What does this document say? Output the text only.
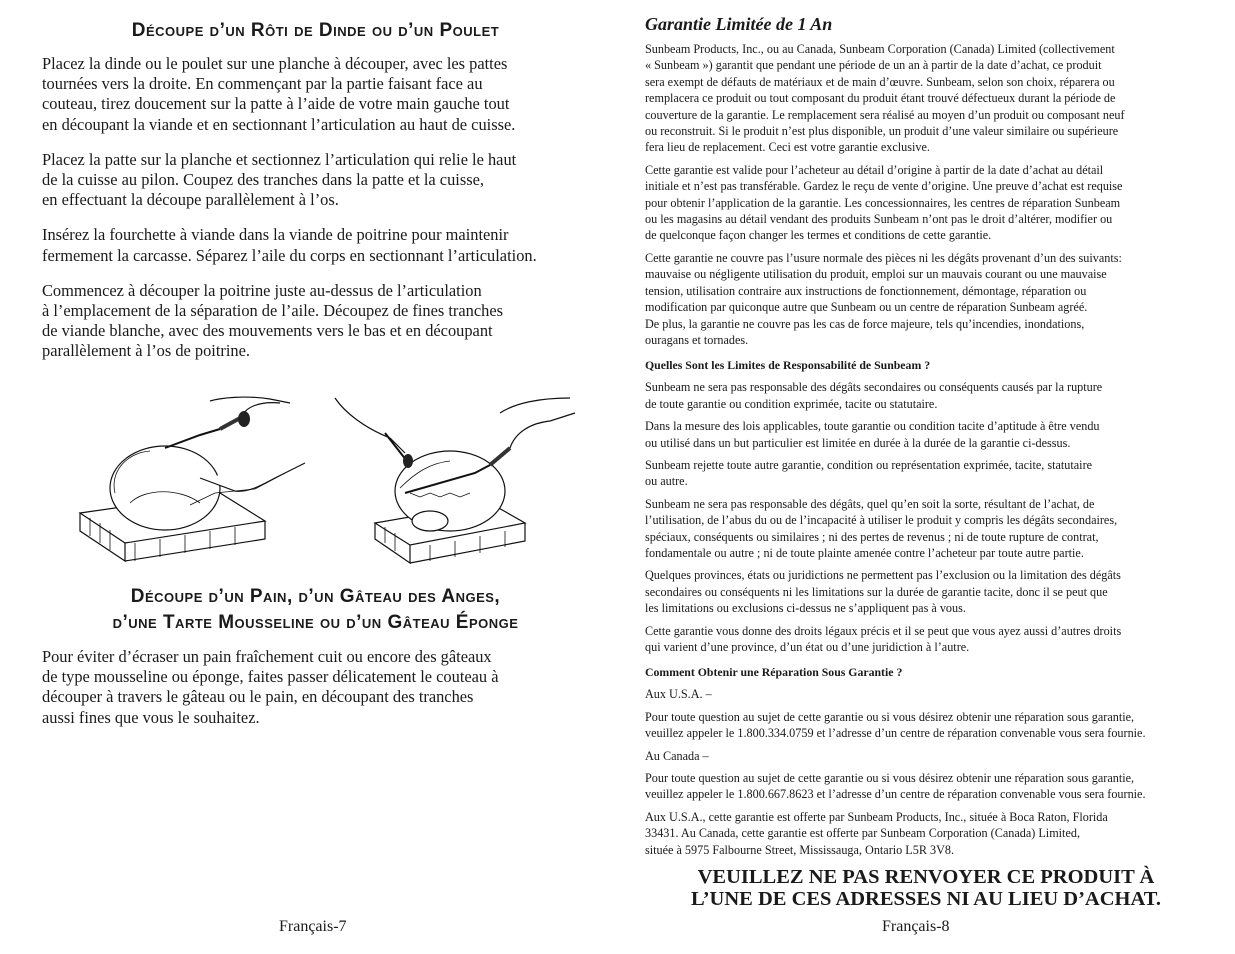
Découpe d’un Rôti de Dinde ou d’un Poulet

Placez la dinde ou le poulet sur une planche à découper, avec les pattes
tournées vers la droite. En commençant par la partie faisant face au
couteau, tirez doucement sur la patte à l’aide de votre main gauche tout
en découpant la viande et en sectionnant l’articulation au haut de cuisse.

Placez la patte sur la planche et sectionnez l’articulation qui relie le haut
de la cuisse au pilon. Coupez des tranches dans la patte et la cuisse,
en effectuant la découpe parallèlement à l’os.

Insérez la fourchette à viande dans la viande de poitrine pour maintenir
fermement la carcasse. Séparez l’aile du corps en sectionnant l’articulation.

Commencez à découper la poitrine juste au-dessus de l’articulation
à l’emplacement de la séparation de l’aile. Découpez de fines tranches
de viande blanche, avec des mouvements vers le bas et en découpant
parallèlement à l’os de poitrine.

Découpe d’un Pain, d’un Gâteau des Anges,
d’une Tarte Mousseline ou d’un Gâteau Éponge

Pour éviter d’écraser un pain fraîchement cuit ou encore des gâteaux
de type mousseline ou éponge, faites passer délicatement le couteau à
découper à travers le gâteau ou le pain, en découpant des tranches
aussi fines que vous le souhaitez.

Français-7
Garantie Limitée de 1 An

Sunbeam Products, Inc., ou au Canada, Sunbeam Corporation (Canada) Limited (collectivement
« Sunbeam ») garantit que pendant une période de un an à partir de la date d’achat, ce produit
sera exempt de défauts de matériaux et de main d’œuvre. Sunbeam, selon son choix, réparera ou
remplacera ce produit ou tout composant du produit étant trouvé défectueux durant la période de
couverture de la garantie. Le remplacement sera réalisé au moyen d’un produit ou composant neuf
ou reconstruit. Si le produit n’est plus disponible, un produit d’une valeur similaire ou supérieure
fera lieu de replacement. Ceci est votre garantie exclusive.

Cette garantie est valide pour l’acheteur au détail d’origine à partir de la date d’achat au détail
initiale et n’est pas transférable. Gardez le reçu de vente d’origine. Une preuve d’achat est requise
pour obtenir l’application de la garantie. Les concessionnaires, les centres de réparation Sunbeam
ou les magasins au détail vendant des produits Sunbeam n’ont pas le droit d’altérer, modifier ou
de quelconque façon changer les termes et conditions de cette garantie.

Cette garantie ne couvre pas l’usure normale des pièces ni les dégâts provenant d’un des suivants:
mauvaise ou négligente utilisation du produit, emploi sur un mauvais courant ou une mauvaise
tension, utilisation contraire aux instructions de fonctionnement, démontage, réparation ou
modification par quiconque autre que Sunbeam ou un centre de réparation Sunbeam agréé.
De plus, la garantie ne couvre pas les cas de force majeure, tels qu’incendies, inondations,
ouragans et tornades.

Quelles Sont les Limites de Responsabilité de Sunbeam ?

Sunbeam ne sera pas responsable des dégâts secondaires ou conséquents causés par la rupture
de toute garantie ou condition exprimée, tacite ou statutaire.

Dans la mesure des lois applicables, toute garantie ou condition tacite d’aptitude à être vendu
ou utilisé dans un but particulier est limitée en durée à la durée de la garantie ci-dessus.

Sunbeam rejette toute autre garantie, condition ou représentation exprimée, tacite, statutaire
ou autre.

Sunbeam ne sera pas responsable des dégâts, quel qu’en soit la sorte, résultant de l’achat, de
l’utilisation, de l’abus du ou de l’incapacité à utiliser le produit y compris les dégâts secondaires,
spéciaux, conséquents ou similaires ; ni des pertes de revenus ; ni de toute rupture de contrat,
fondamentale ou autre ; ni de toute plainte amenée contre l’acheteur par toute autre partie.

Quelques provinces, états ou juridictions ne permettent pas l’exclusion ou la limitation des dégâts
secondaires ou conséquents ni les limitations sur la durée de garantie tacite, donc il se peut que
les limitations ou exclusions ci-dessus ne s’appliquent pas à vous.

Cette garantie vous donne des droits légaux précis et il se peut que vous ayez aussi d’autres droits
qui varient d’une province, d’un état ou d’une juridiction à l’autre.

Comment Obtenir une Réparation Sous Garantie ?

Aux U.S.A. –

Pour toute question au sujet de cette garantie ou si vous désirez obtenir une réparation sous garantie,
veuillez appeler le 1.800.334.0759 et l’adresse d’un centre de réparation convenable vous sera fournie.

Au Canada –

Pour toute question au sujet de cette garantie ou si vous désirez obtenir une réparation sous garantie,
veuillez appeler le 1.800.667.8623 et l’adresse d’un centre de réparation convenable vous sera fournie.

Aux U.S.A., cette garantie est offerte par Sunbeam Products, Inc., située à Boca Raton, Florida
33431. Au Canada, cette garantie est offerte par Sunbeam Corporation (Canada) Limited,
située à 5975 Falbourne Street, Mississauga, Ontario L5R 3V8.

VEUILLEZ NE PAS RENVOYER CE PRODUIT À
L’UNE DE CES ADRESSES NI AU LIEU D’ACHAT.
Français-8
